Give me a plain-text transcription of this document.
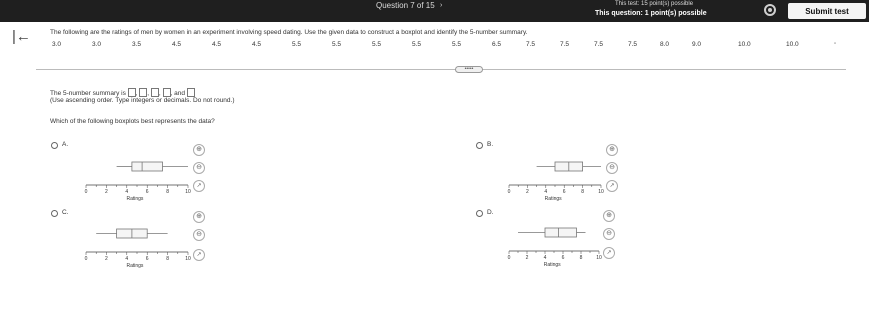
Question 7 of 15 ›	This test: 15 point(s) possible
This question: 1 point(s) possible	Submit test
|←	The following are the ratings of men by women in an experiment involving speed dating. Use the given data to construct a boxplot and identify the 5-number summary.
3.0	3.0	3.5	4.5	4.5	4.5	5.5	5.5	5.5	5.5	5.5	6.5	7.5	7.5	7.5	7.5	8.0	9.0	10.0	10.0	▫
•••••
The 5-number summary is , , , , and
(Use ascending order. Type integers or decimals. Do not round.)
Which of the following boxplots best represents the data?
A.
⊕
⊖
↗
0	2	4	6	8	10
Ratings
B.
⊕
⊖
↗
0	2	4	6	8	10
Ratings
C.
⊕
⊖
↗
0	2	4	6	8	10
Ratings
D.	⊕
⊖
↗
0	2	4	6	8	10
Ratings
